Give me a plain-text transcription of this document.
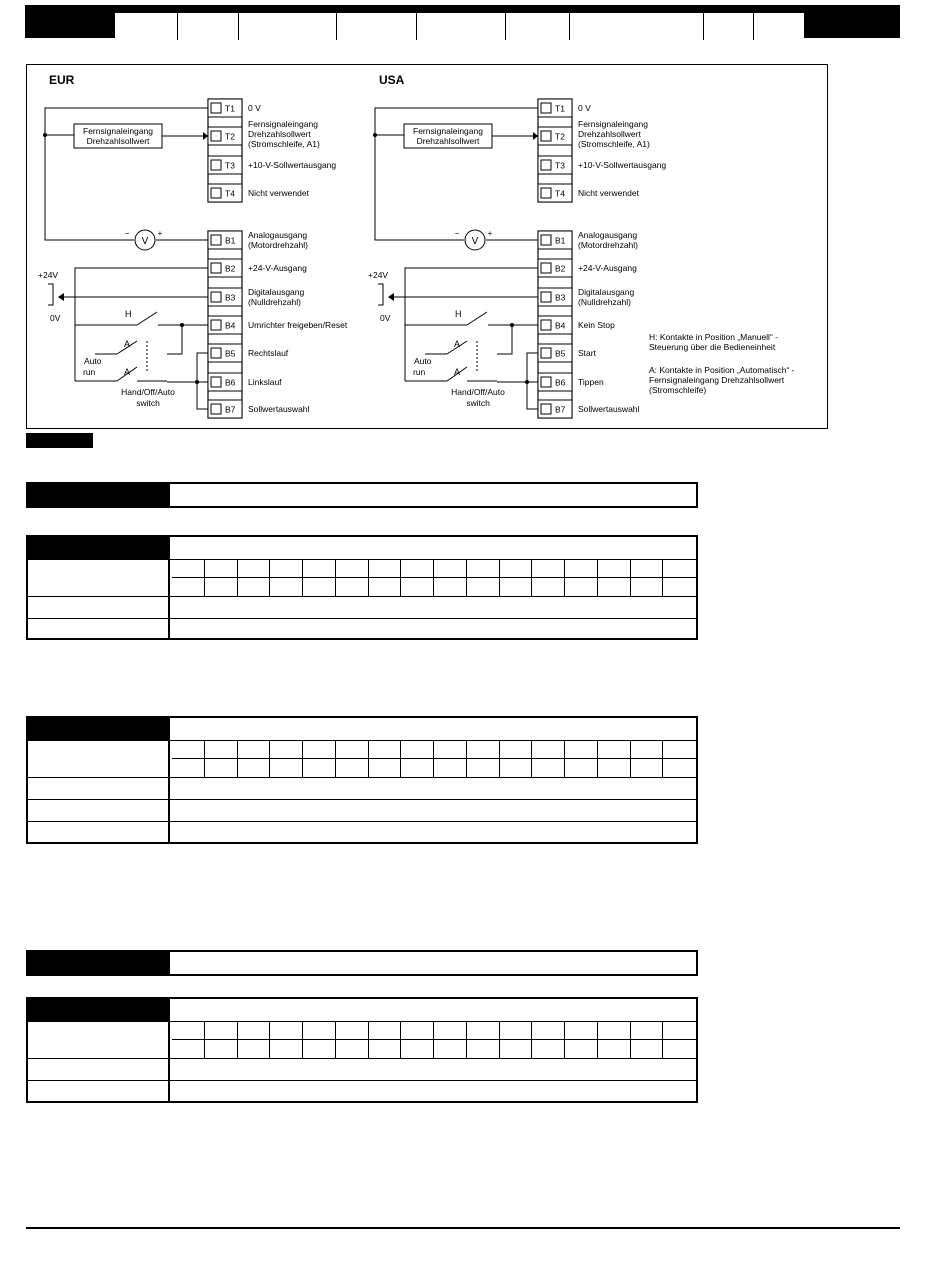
EUR
T1 0 V
T2
Fernsignaleingang
Drehzahlsollwert
(Stromschleife, A1)
T3 +10-V-Sollwertausgang
T4 Nicht verwendet
B1
Analogausgang
(Motordrehzahl)
B2 +24-V-Ausgang
B3
Digitalausgang
(Nulldrehzahl)
B4 Umrichter freigeben/Reset
B5 Rechtslauf
B6 Linkslauf
B7 Sollwertauswahl
Fernsignaleingang
Drehzahlsollwert
V
−	+
+24V
0V	H
A
A
Auto
run
Hand/Off/Auto
switch
USA
T1 0 V
T2
Fernsignaleingang
Drehzahlsollwert
(Stromschleife, A1)
T3 +10-V-Sollwertausgang
T4 Nicht verwendet
B1
Analogausgang
(Motordrehzahl)
B2 +24-V-Ausgang
B3
Digitalausgang
(Nulldrehzahl)
B4 Kein Stop
B5 Start
B6 Tippen
B7 Sollwertauswahl
Fernsignaleingang
Drehzahlsollwert
V
−	+
+24V
0V	H
A
A
Auto
run
Hand/Off/Auto
switch
H: Kontakte in Position „Manuell“ -
Steuerung über die Bedieneinheit
A: Kontakte in Position „Automatisch“ -
Fernsignaleingang Drehzahlsollwert
(Stromschleife)
